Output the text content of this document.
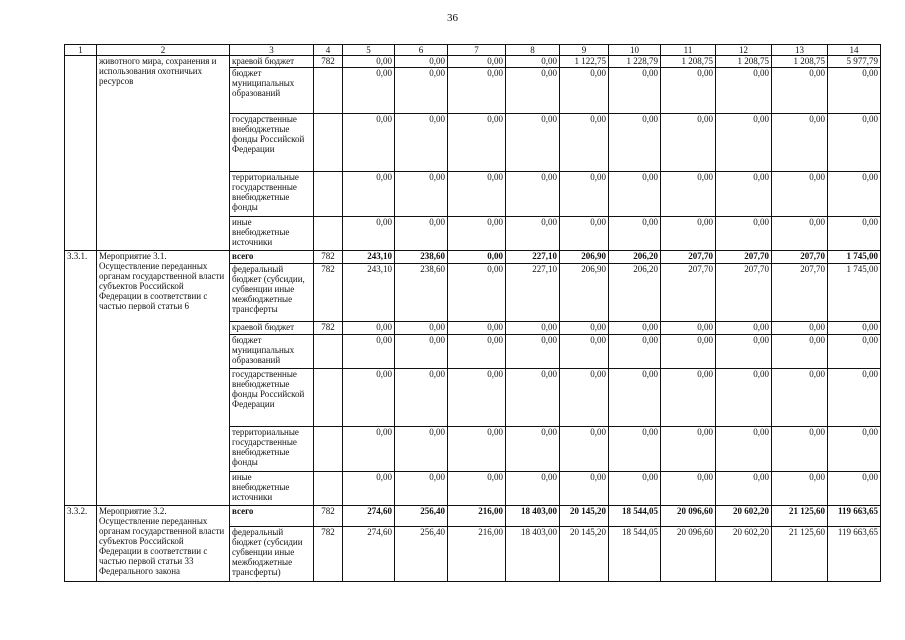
36
1	2	3	4	5	6	7	8	9	10	11	12	13	14
	животного мира, сохранения и использования охотничьих ресурсов	краевой бюджет	782	0,00	0,00	0,00	0,00	1 122,75	1 228,79	1 208,75	1 208,75	1 208,75	5 977,79
		бюджет муниципальных образований		0,00	0,00	0,00	0,00	0,00	0,00	0,00	0,00	0,00	0,00
		государственные внебюджетные фонды Российской Федерации		0,00	0,00	0,00	0,00	0,00	0,00	0,00	0,00	0,00	0,00
		территориальные государственные внебюджетные фонды		0,00	0,00	0,00	0,00	0,00	0,00	0,00	0,00	0,00	0,00
		иные внебюджетные источники		0,00	0,00	0,00	0,00	0,00	0,00	0,00	0,00	0,00	0,00
3.3.1.	Мероприятие 3.1. Осуществление переданных органам государственной власти субъектов Российской Федерации в соответствии с частью первой статьи 6	всего	782	243,10	238,60	0,00	227,10	206,90	206,20	207,70	207,70	207,70	1 745,00
		федеральный бюджет (субсидии, субвенции иные межбюджетные трансферты	782	243,10	238,60	0,00	227,10	206,90	206,20	207,70	207,70	207,70	1 745,00
		краевой бюджет	782	0,00	0,00	0,00	0,00	0,00	0,00	0,00	0,00	0,00	0,00
		бюджет муниципальных образований		0,00	0,00	0,00	0,00	0,00	0,00	0,00	0,00	0,00	0,00
		государственные внебюджетные фонды Российской Федерации		0,00	0,00	0,00	0,00	0,00	0,00	0,00	0,00	0,00	0,00
		территориальные государственные внебюджетные фонды		0,00	0,00	0,00	0,00	0,00	0,00	0,00	0,00	0,00	0,00
		иные внебюджетные источники		0,00	0,00	0,00	0,00	0,00	0,00	0,00	0,00	0,00	0,00
3.3.2.	Мероприятие 3.2. Осуществление переданных органам государственной власти субъектов Российской Федерации в соответствии с частью первой статьи 33 Федерального закона	всего	782	274,60	256,40	216,00	18 403,00	20 145,20	18 544,05	20 096,60	20 602,20	21 125,60	119 663,65
		федеральный бюджет (субсидии субвенции иные межбюджетные трансферты)	782	274,60	256,40	216,00	18 403,00	20 145,20	18 544,05	20 096,60	20 602,20	21 125,60	119 663,65
